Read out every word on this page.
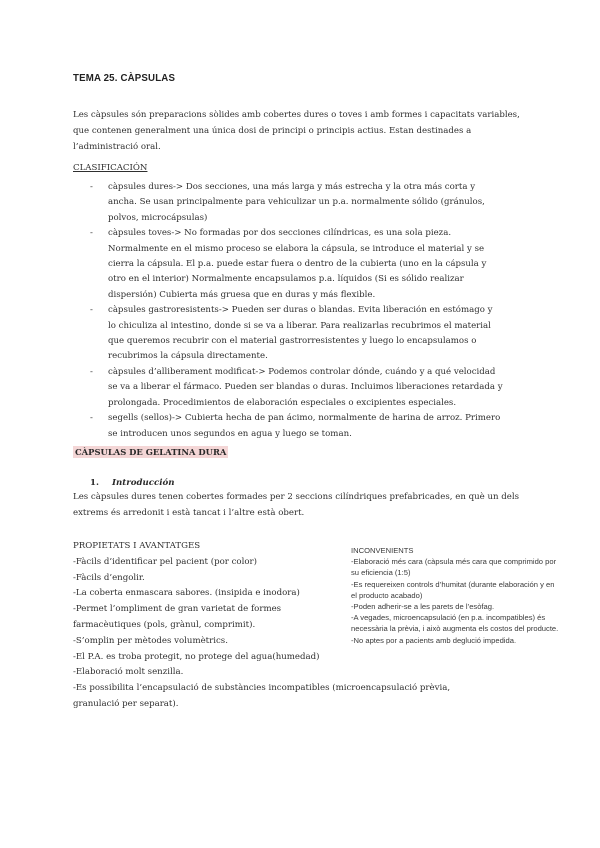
TEMA 25. CÀPSULAS
Les càpsules són preparacions sòlides amb cobertes dures o toves i amb formes i capacitats variables, que contenen generalment una única dosi de principi o principis actius. Estan destinades a l’administració oral.
CLASIFICACIÓN
- càpsules dures-> Dos secciones, una más larga y más estrecha y la otra más corta y
ancha. Se usan principalmente para vehiculizar un p.a. normalmente sólido (gránulos,
polvos, microcápsulas)
- càpsules toves-> No formadas por dos secciones cilíndricas, es una sola pieza.
Normalmente en el mismo proceso se elabora la cápsula, se introduce el material y se
cierra la cápsula. El p.a. puede estar fuera o dentro de la cubierta (uno en la cápsula y
otro en el interior) Normalmente encapsulamos p.a. líquidos (Si es sólido realizar
dispersión) Cubierta más gruesa que en duras y más flexible.
- càpsules gastroresistents-> Pueden ser duras o blandas. Evita liberación en estómago y
lo chiculiza al intestino, donde si se va a liberar. Para realizarlas recubrimos el material
que queremos recubrir con el material gastrorresistentes y luego lo encapsulamos o
recubrimos la cápsula directamente.
- càpsules d’alliberament modificat-> Podemos controlar dónde, cuándo y a qué velocidad
se va a liberar el fármaco. Pueden ser blandas o duras. Incluimos liberaciones retardada y
prolongada. Procedimientos de elaboración especiales o excipientes especiales.
- segells (sellos)-> Cubierta hecha de pan ácimo, normalmente de harina de arroz. Primero
se introducen unos segundos en agua y luego se toman.
CÀPSULAS DE GELATINA DURA
1. Introducción
Les càpsules dures tenen cobertes formades per 2 seccions cilíndriques prefabricades, en què un dels extrems és arredonit i està tancat i l’altre està obert.
PROPIETATS I AVANTATGES
-Fàcils d’identificar pel pacient (por color)
-Fàcils d’engolir.
-La coberta enmascara sabores. (insipida e inodora)
-Permet l’ompliment de gran varietat de formes
farmacèutiques (pols, grànul, comprimit).
-S’omplin per mètodes volumètrics.
-El P.A. es troba protegit, no protege del agua(humedad)
-Elaboració molt senzilla.
-Es possibilita l’encapsulació de substàncies incompatibles (microencapsulació prèvia,
granulació per separat).
INCONVENIENTS
-Elaboració més cara (càpsula més cara que comprimido por
su eficiencia (1:5)
-Es requereixen controls d’humitat (durante elaboración y en
el producto acabado)
-Poden adherir-se a les parets de l’esòfag.
-A vegades, microencapsulació (en p.a. incompatibles) és
necessària la prèvia, i això augmenta els costos del producte.
-No aptes por a pacients amb deglució impedida.
